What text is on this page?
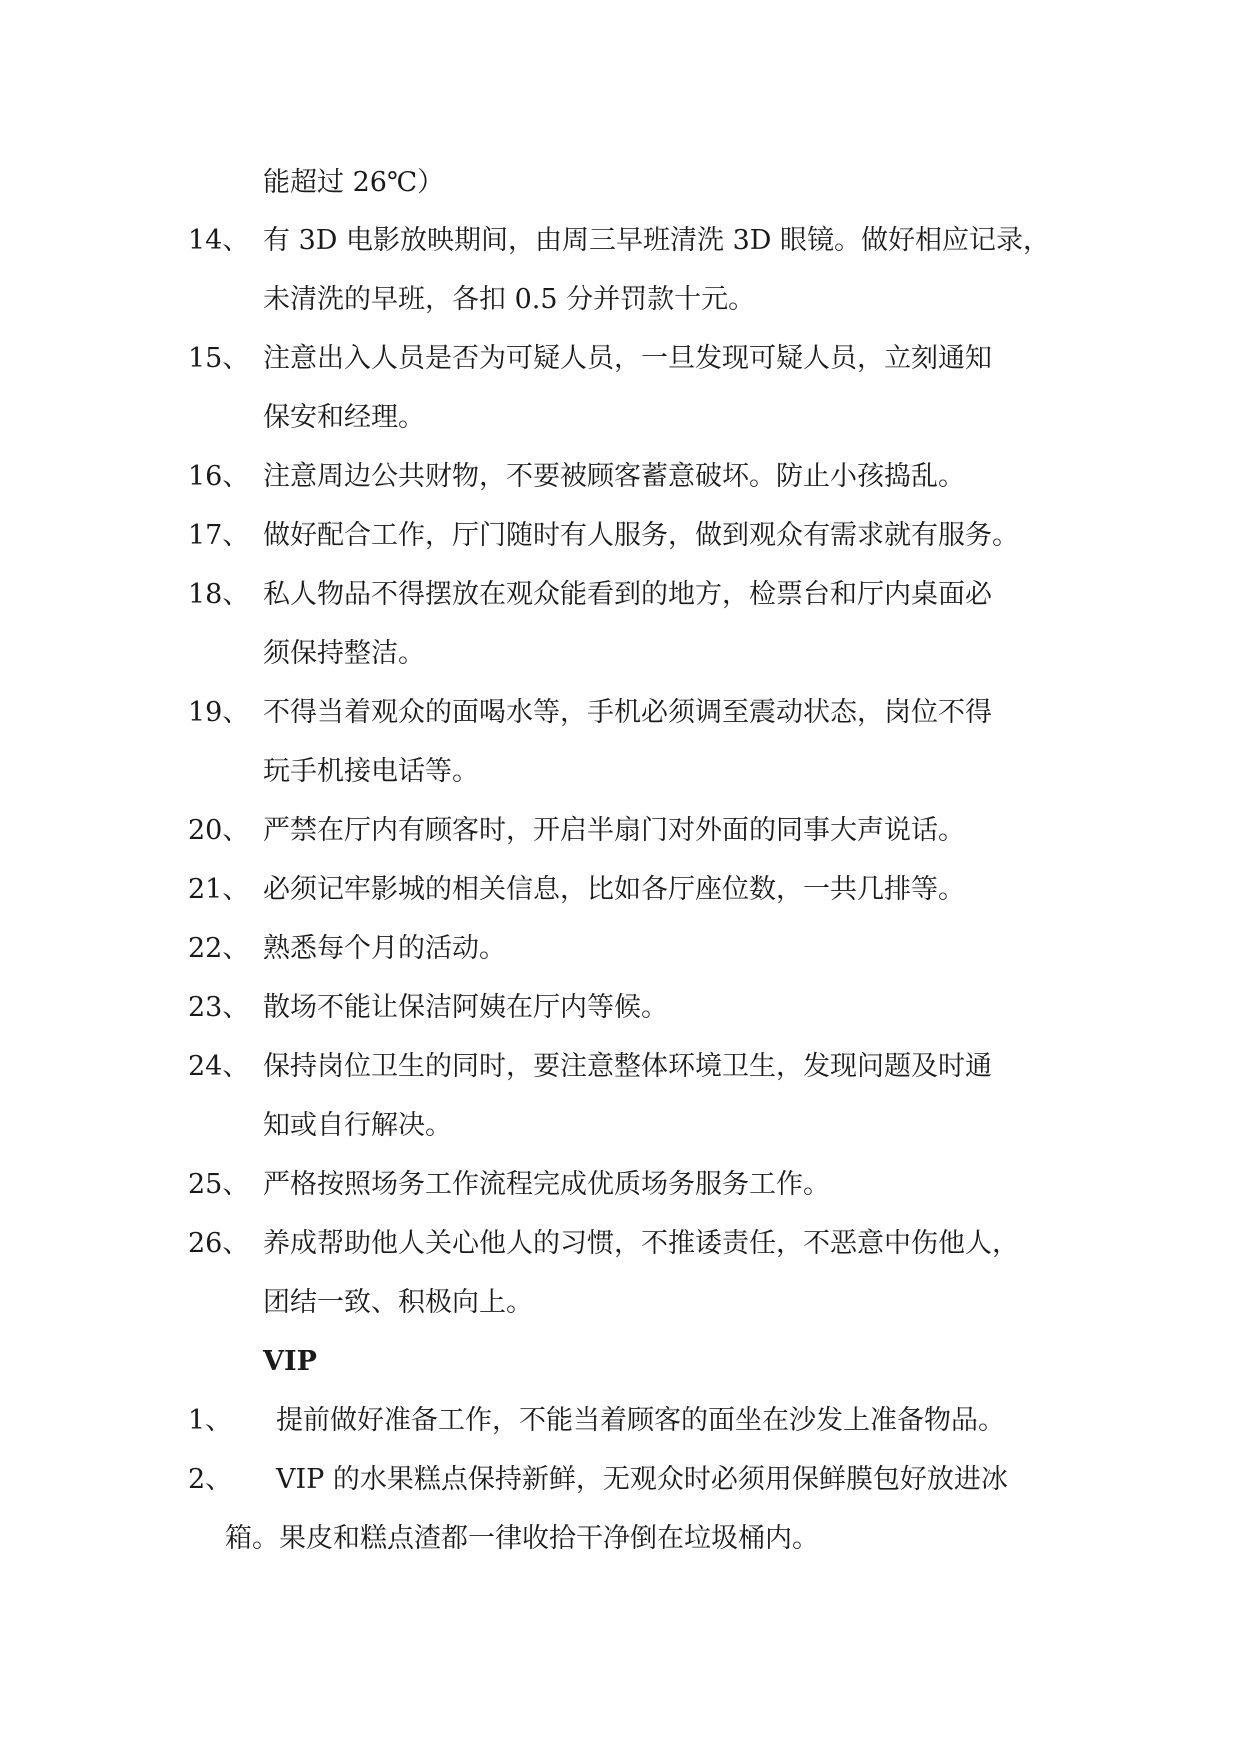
能超过 26℃）
14、 有 3D 电影放映期间，由周三早班清洗 3D 眼镜。做好相应记录，
未清洗的早班，各扣 0.5 分并罚款十元。
15、 注意出入人员是否为可疑人员，一旦发现可疑人员，立刻通知
保安和经理。
16、 注意周边公共财物，不要被顾客蓄意破坏。防止小孩捣乱。
17、 做好配合工作，厅门随时有人服务，做到观众有需求就有服务。
18、 私人物品不得摆放在观众能看到的地方，检票台和厅内桌面必
须保持整洁。
19、 不得当着观众的面喝水等，手机必须调至震动状态，岗位不得
玩手机接电话等。
20、 严禁在厅内有顾客时，开启半扇门对外面的同事大声说话。
21、 必须记牢影城的相关信息，比如各厅座位数，一共几排等。
22、 熟悉每个月的活动。
23、 散场不能让保洁阿姨在厅内等候。
24、 保持岗位卫生的同时，要注意整体环境卫生，发现问题及时通
知或自行解决。
25、 严格按照场务工作流程完成优质场务服务工作。
26、 养成帮助他人关心他人的习惯，不推诿责任，不恶意中伤他人，
团结一致、积极向上。
VIP
1、 提前做好准备工作，不能当着顾客的面坐在沙发上准备物品。
2、 VIP 的水果糕点保持新鲜，无观众时必须用保鲜膜包好放进冰
箱。果皮和糕点渣都一律收拾干净倒在垃圾桶内。
